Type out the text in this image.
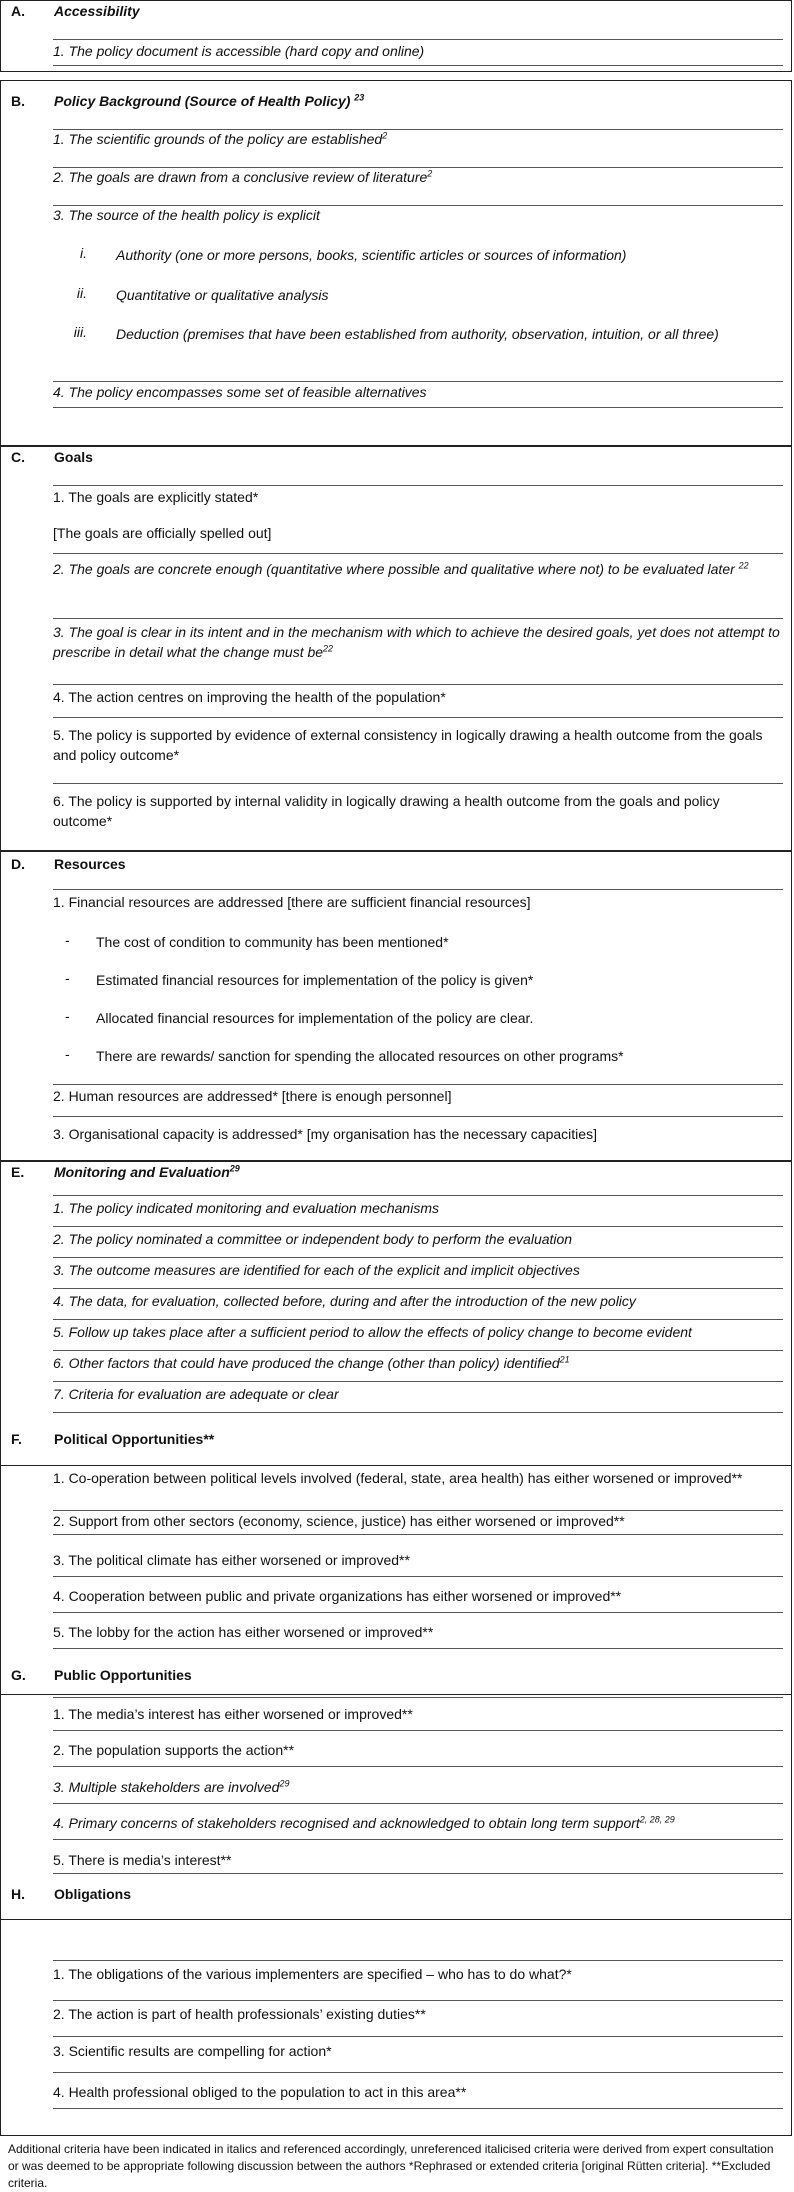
A. Accessibility
1. The policy document is accessible (hard copy and online)
B. Policy Background (Source of Health Policy) $^{23}$
1. The scientific grounds of the policy are established$^2$
2. The goals are drawn from a conclusive review of literature$^2$
3. The source of the health policy is explicit
i. Authority (one or more persons, books, scientific articles or sources of information)
ii. Quantitative or qualitative analysis
iii. Deduction (premises that have been established from authority, observation, intuition, or all three)
4. The policy encompasses some set of feasible alternatives
C. Goals
1. The goals are explicitly stated*
[The goals are officially spelled out]
2. The goals are concrete enough (quantitative where possible and qualitative where not) to be evaluated later $^{22}$
3. The goal is clear in its intent and in the mechanism with which to achieve the desired goals, yet does not attempt to prescribe in detail what the change must $be^{22}$
4. The action centres on improving the health of the population*
5. The policy is supported by evidence of external consistency in logically drawing a health outcome from the goals and policy outcome*
6. The policy is supported by internal validity in logically drawing a health outcome from the goals and policy outcome*
D. Resources
1. Financial resources are addressed [there are sufficient financial resources]
- The cost of condition to community has been mentioned*
- Estimated financial resources for implementation of the policy is given*
- Allocated financial resources for implementation of the policy are clear.
- There are rewards/ sanction for spending the allocated resources on other programs*
2. Human resources are addressed* [there is enough personnel]
3. Organisational capacity is addressed* [my organisation has the necessary capacities]
E. Monitoring and Evaluation$^{29}$
1. The policy indicated monitoring and evaluation mechanisms
2. The policy nominated a committee or independent body to perform the evaluation
3. The outcome measures are identified for each of the explicit and implicit objectives
4. The data, for evaluation, collected before, during and after the introduction of the new policy
5. Follow up takes place after a sufficient period to allow the effects of policy change to become evident
6. Other factors that could have produced the change (other than policy) identified$^{21}$
7. Criteria for evaluation are adequate or clear
F. Political Opportunities**
1. Co-operation between political levels involved (federal, state, area health) has either worsened or improved**
2. Support from other sectors (economy, science, justice) has either worsened or improved**
3. The political climate has either worsened or improved**
4. Cooperation between public and private organizations has either worsened or improved**
5. The lobby for the action has either worsened or improved**
G. Public Opportunities
1. The media’s interest has either worsened or improved**
2. The population supports the action**
3. Multiple stakeholders are involved$^{29}$
4. Primary concerns of stakeholders recognised and acknowledged to obtain long term support$^{2, 28, 29}$
5. There is media’s interest**
H. Obligations
1. The obligations of the various implementers are specified – who has to do what?*
2. The action is part of health professionals’ existing duties**
3. Scientific results are compelling for action*
4. Health professional obliged to the population to act in this area**
Additional criteria have been indicated in italics and referenced accordingly, unreferenced italicised criteria were derived from expert consultation or was deemed to be appropriate following discussion between the authors *Rephrased or extended criteria [original Rütten criteria]. **Excluded criteria.
